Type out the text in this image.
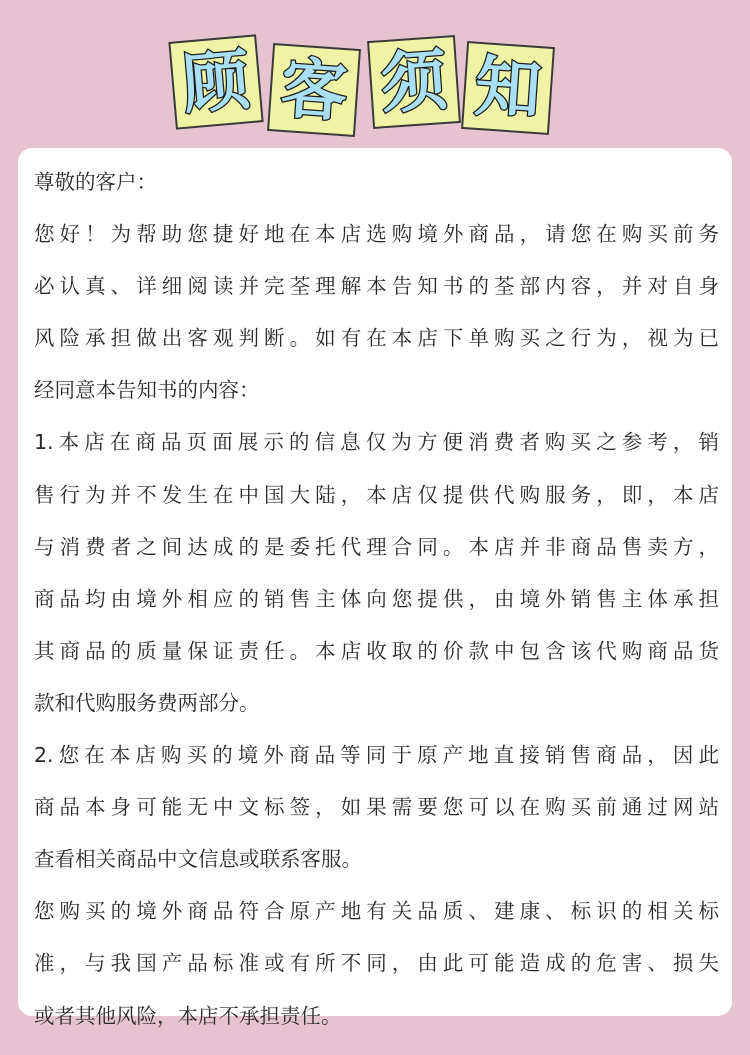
顾 客 须 知
尊敬的客户：
您好！为帮助您捷好地在本店选购境外商品，请您在购买前务
必认真、详细阅读并完荃理解本告知书的荃部内容，并对自身
风险承担做出客观判断。如有在本店下单购买之行为，视为已
经同意本告知书的内容：
1.本店在商品页面展示的信息仅为方便消费者购买之参考，销
售行为并不发生在中国大陆，本店仅提供代购服务，即，本店
与消费者之间达成的是委托代理合同。本店并非商品售卖方，
商品均由境外相应的销售主体向您提供，由境外销售主体承担
其商品的质量保证责任。本店收取的价款中包含该代购商品货
款和代购服务费两部分。
2.您在本店购买的境外商品等同于原产地直接销售商品，因此
商品本身可能无中文标签，如果需要您可以在购买前通过网站
查看相关商品中文信息或联系客服。
您购买的境外商品符合原产地有关品质、建康、标识的相关标
准，与我国产品标准或有所不同，由此可能造成的危害、损失
或者其他风险，本店不承担责任。
